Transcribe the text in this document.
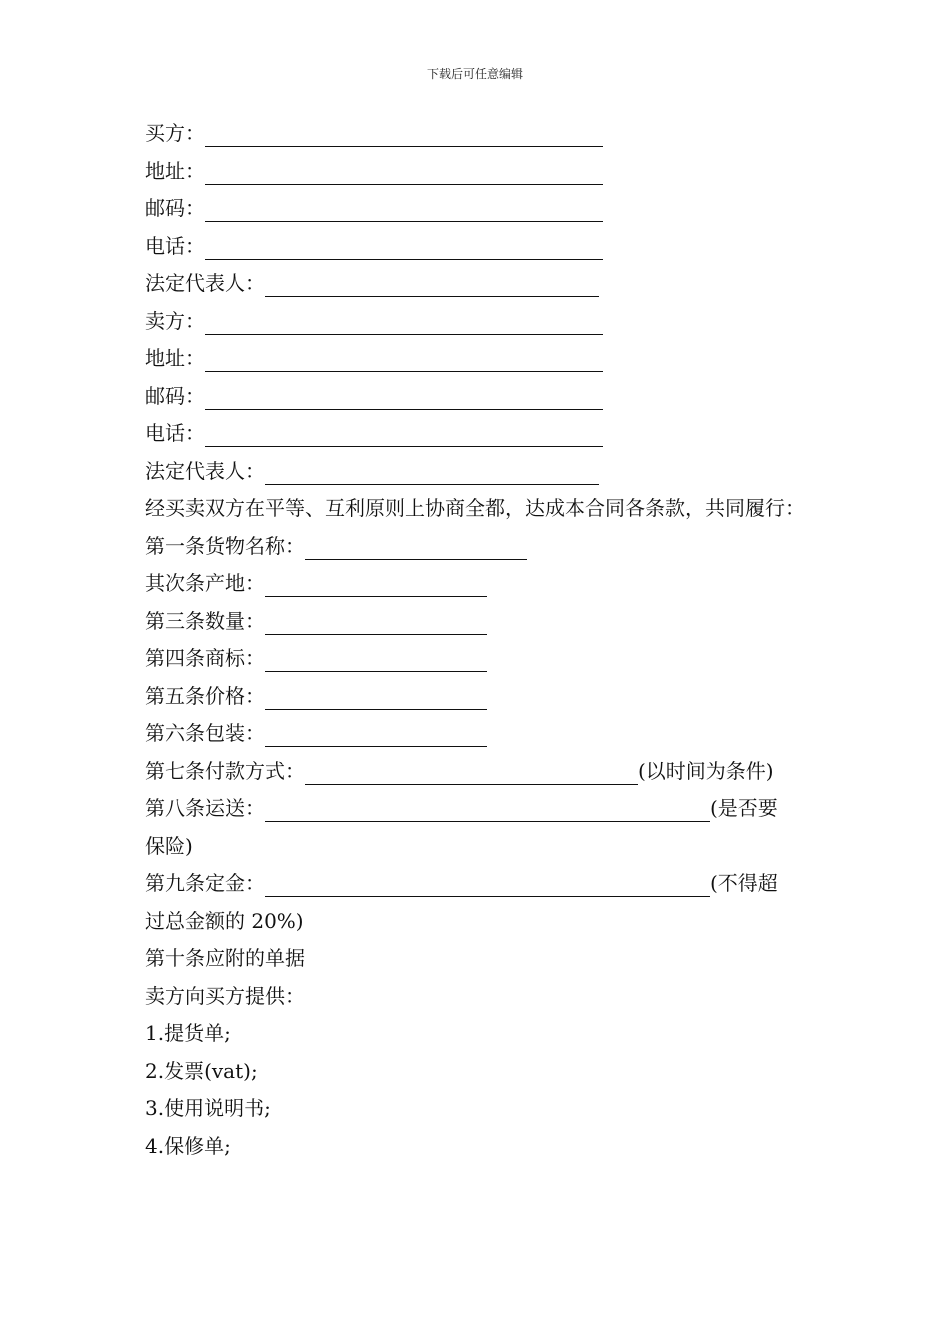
下载后可任意编辑
买方：
地址：
邮码：
电话：
法定代表人：
卖方：
地址：
邮码：
电话：
法定代表人：
经买卖双方在平等、互利原则上协商全都，达成本合同各条款，共同履行：
第一条货物名称：
其次条产地：
第三条数量：
第四条商标：
第五条价格：
第六条包装：
第七条付款方式：	(以时间为条件)
第八条运送：	(是否要
保险)
第九条定金：	(不得超
过总金额的 20%)
第十条应附的单据
卖方向买方提供：
1.提货单;
2.发票(vat);
3.使用说明书;
4.保修单;
